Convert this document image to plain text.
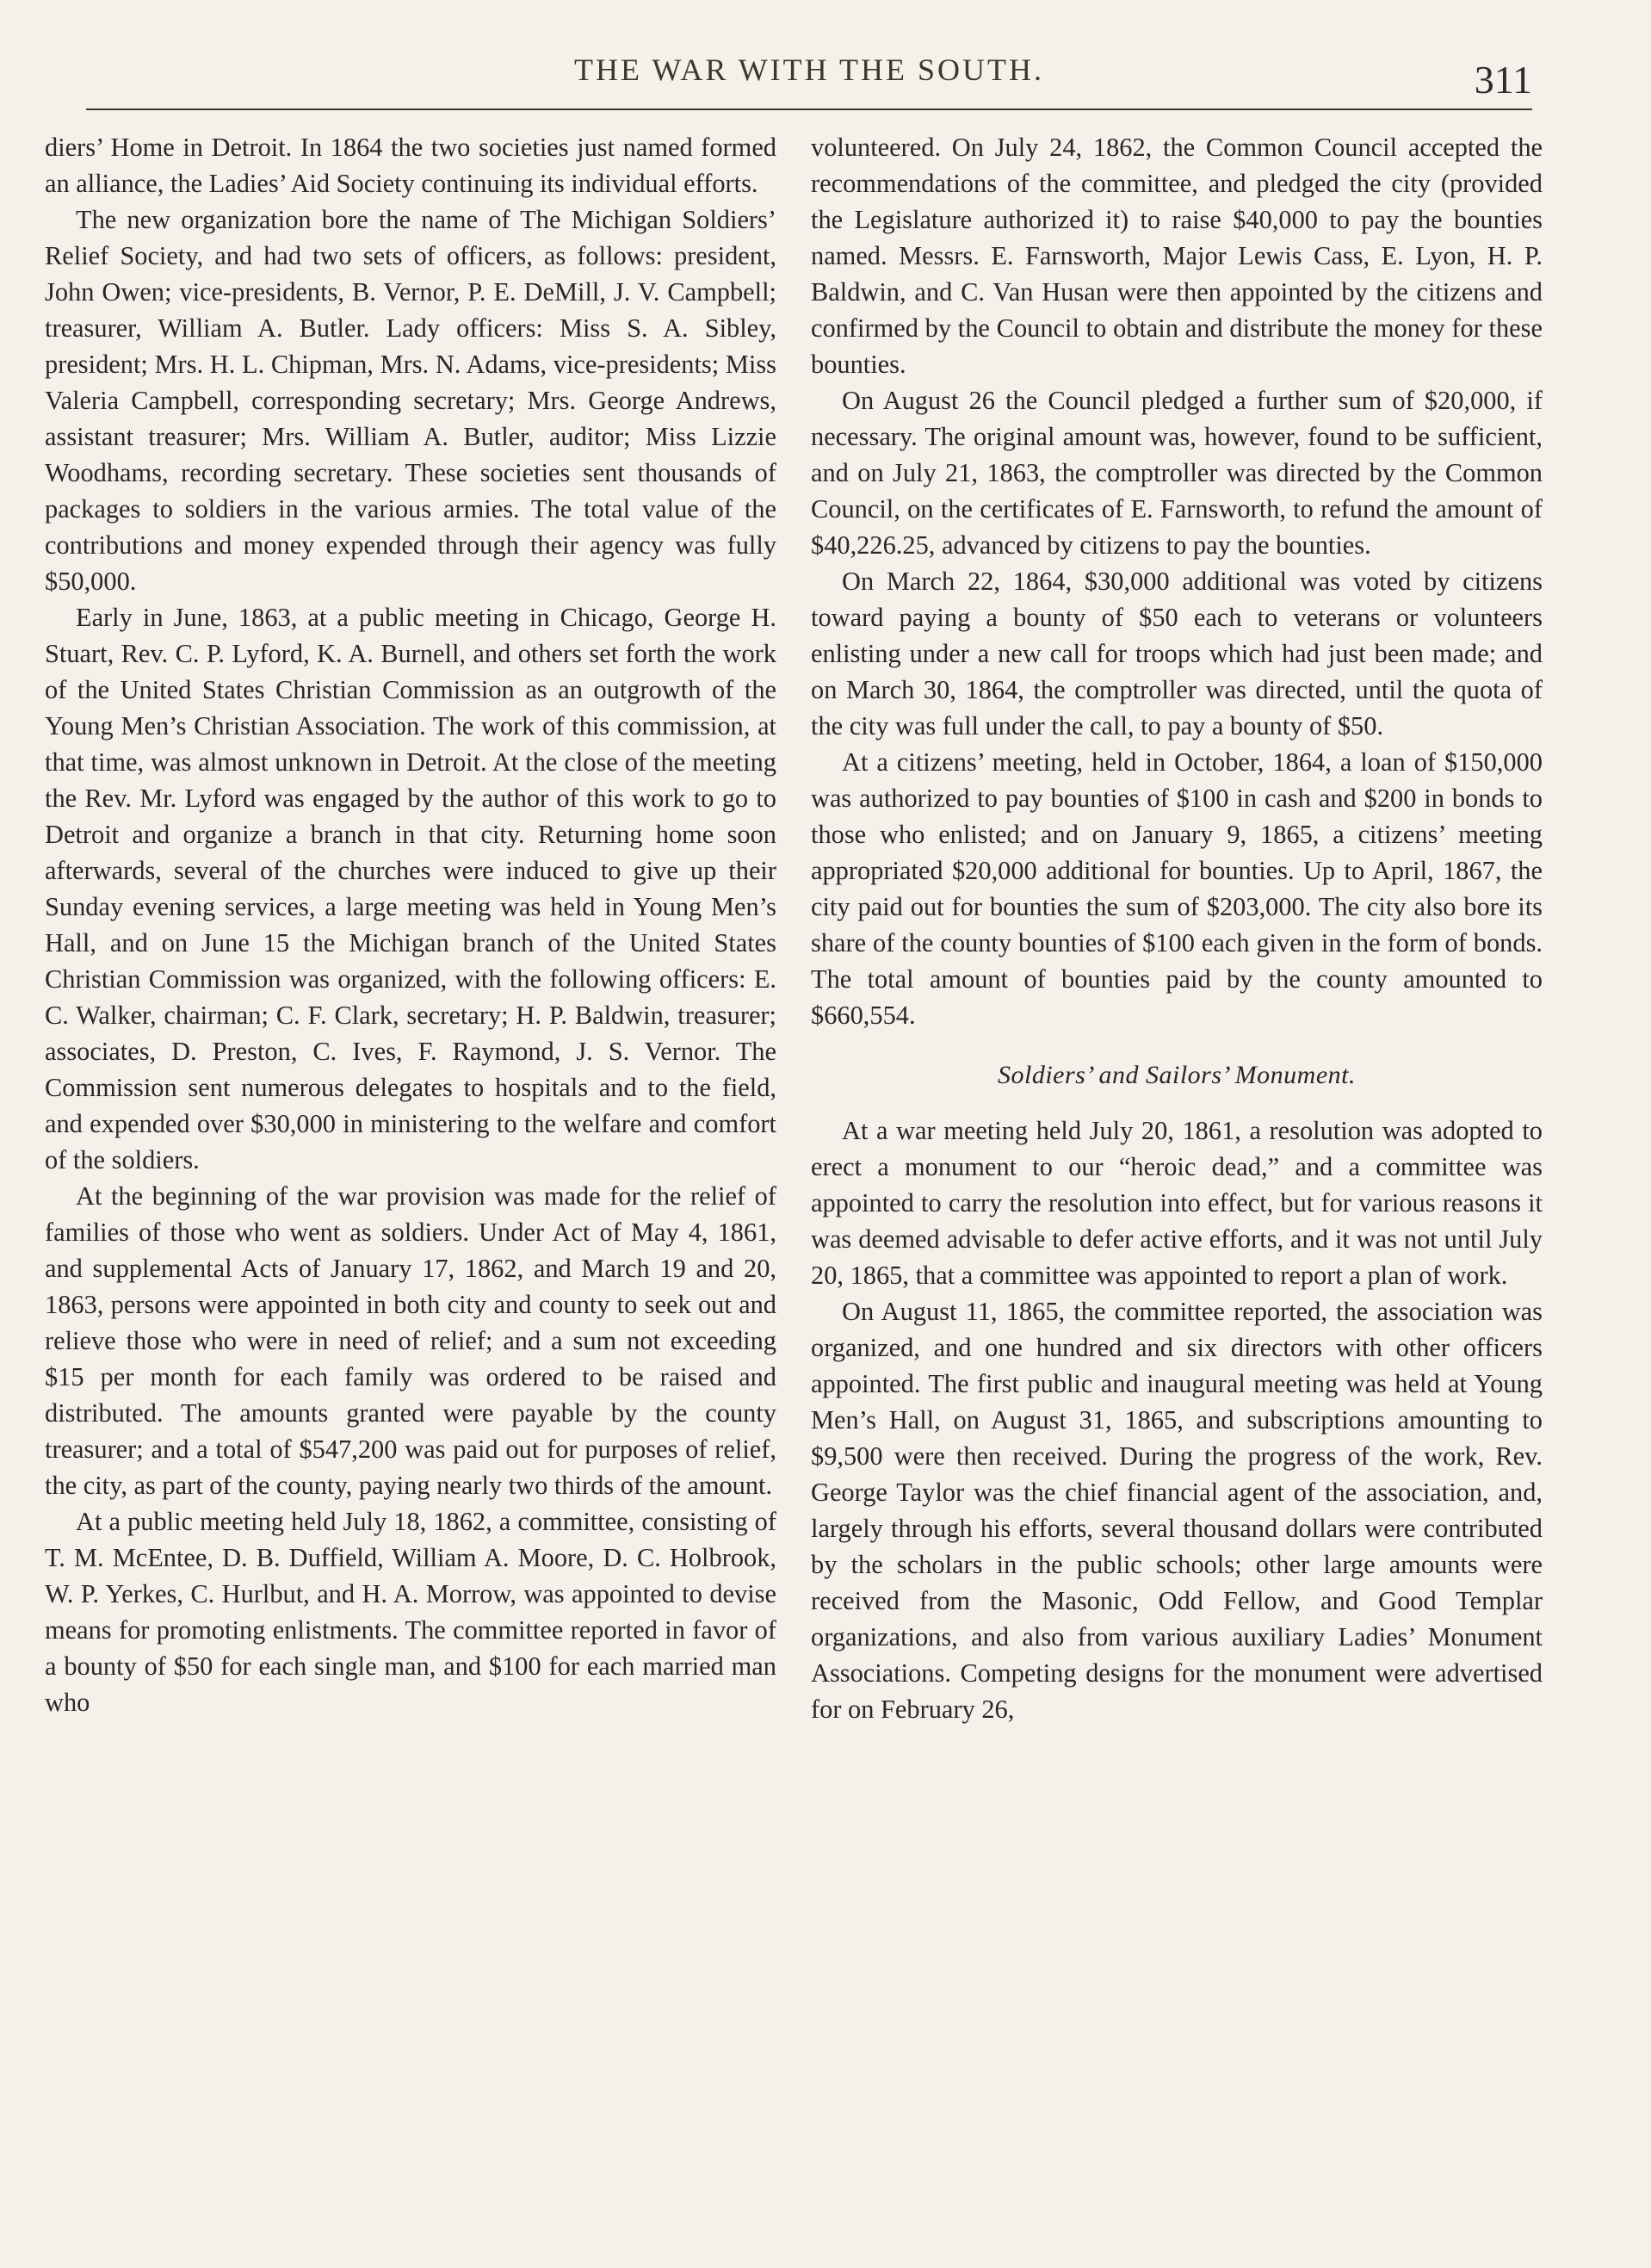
THE WAR WITH THE SOUTH.	311

diers’ Home in Detroit. In 1864 the two societies just named formed an alliance, the Ladies’ Aid Society continuing its individual efforts.

The new organization bore the name of The Michigan Soldiers’ Relief Society, and had two sets of officers, as follows: president, John Owen; vice-presidents, B. Vernor, P. E. DeMill, J. V. Campbell; treasurer, William A. Butler. Lady officers: Miss S. A. Sibley, president; Mrs. H. L. Chipman, Mrs. N. Adams, vice-presidents; Miss Valeria Campbell, corresponding secretary; Mrs. George Andrews, assistant treasurer; Mrs. William A. Butler, auditor; Miss Lizzie Woodhams, recording secretary. These societies sent thousands of packages to soldiers in the various armies. The total value of the contributions and money expended through their agency was fully $50,000.

Early in June, 1863, at a public meeting in Chicago, George H. Stuart, Rev. C. P. Lyford, K. A. Burnell, and others set forth the work of the United States Christian Commission as an outgrowth of the Young Men’s Christian Association. The work of this commission, at that time, was almost unknown in Detroit. At the close of the meeting the Rev. Mr. Lyford was engaged by the author of this work to go to Detroit and organize a branch in that city. Returning home soon afterwards, several of the churches were induced to give up their Sunday evening services, a large meeting was held in Young Men’s Hall, and on June 15 the Michigan branch of the United States Christian Commission was organized, with the following officers: E. C. Walker, chairman; C. F. Clark, secretary; H. P. Baldwin, treasurer; associates, D. Preston, C. Ives, F. Raymond, J. S. Vernor. The Commission sent numerous delegates to hospitals and to the field, and expended over $30,000 in ministering to the welfare and comfort of the soldiers.

At the beginning of the war provision was made for the relief of families of those who went as soldiers. Under Act of May 4, 1861, and supplemental Acts of January 17, 1862, and March 19 and 20, 1863, persons were appointed in both city and county to seek out and relieve those who were in need of relief; and a sum not exceeding $15 per month for each family was ordered to be raised and distributed. The amounts granted were payable by the county treasurer; and a total of $547,200 was paid out for purposes of relief, the city, as part of the county, paying nearly two thirds of the amount.

At a public meeting held July 18, 1862, a committee, consisting of T. M. McEntee, D. B. Duffield, William A. Moore, D. C. Holbrook, W. P. Yerkes, C. Hurlbut, and H. A. Morrow, was appointed to devise means for promoting enlistments. The committee reported in favor of a bounty of $50 for each single man, and $100 for each married man who

volunteered. On July 24, 1862, the Common Council accepted the recommendations of the committee, and pledged the city (provided the Legislature authorized it) to raise $40,000 to pay the bounties named. Messrs. E. Farnsworth, Major Lewis Cass, E. Lyon, H. P. Baldwin, and C. Van Husan were then appointed by the citizens and confirmed by the Council to obtain and distribute the money for these bounties.

On August 26 the Council pledged a further sum of $20,000, if necessary. The original amount was, however, found to be sufficient, and on July 21, 1863, the comptroller was directed by the Common Council, on the certificates of E. Farnsworth, to refund the amount of $40,226.25, advanced by citizens to pay the bounties.

On March 22, 1864, $30,000 additional was voted by citizens toward paying a bounty of $50 each to veterans or volunteers enlisting under a new call for troops which had just been made; and on March 30, 1864, the comptroller was directed, until the quota of the city was full under the call, to pay a bounty of $50.

At a citizens’ meeting, held in October, 1864, a loan of $150,000 was authorized to pay bounties of $100 in cash and $200 in bonds to those who enlisted; and on January 9, 1865, a citizens’ meeting appropriated $20,000 additional for bounties. Up to April, 1867, the city paid out for bounties the sum of $203,000. The city also bore its share of the county bounties of $100 each given in the form of bonds. The total amount of bounties paid by the county amounted to $660,554.

Soldiers’ and Sailors’ Monument.

At a war meeting held July 20, 1861, a resolution was adopted to erect a monument to our “heroic dead,” and a committee was appointed to carry the resolution into effect, but for various reasons it was deemed advisable to defer active efforts, and it was not until July 20, 1865, that a committee was appointed to report a plan of work.

On August 11, 1865, the committee reported, the association was organized, and one hundred and six directors with other officers appointed. The first public and inaugural meeting was held at Young Men’s Hall, on August 31, 1865, and subscriptions amounting to $9,500 were then received. During the progress of the work, Rev. George Taylor was the chief financial agent of the association, and, largely through his efforts, several thousand dollars were contributed by the scholars in the public schools; other large amounts were received from the Masonic, Odd Fellow, and Good Templar organizations, and also from various auxiliary Ladies’ Monument Associations. Competing designs for the monument were advertised for on February 26,
